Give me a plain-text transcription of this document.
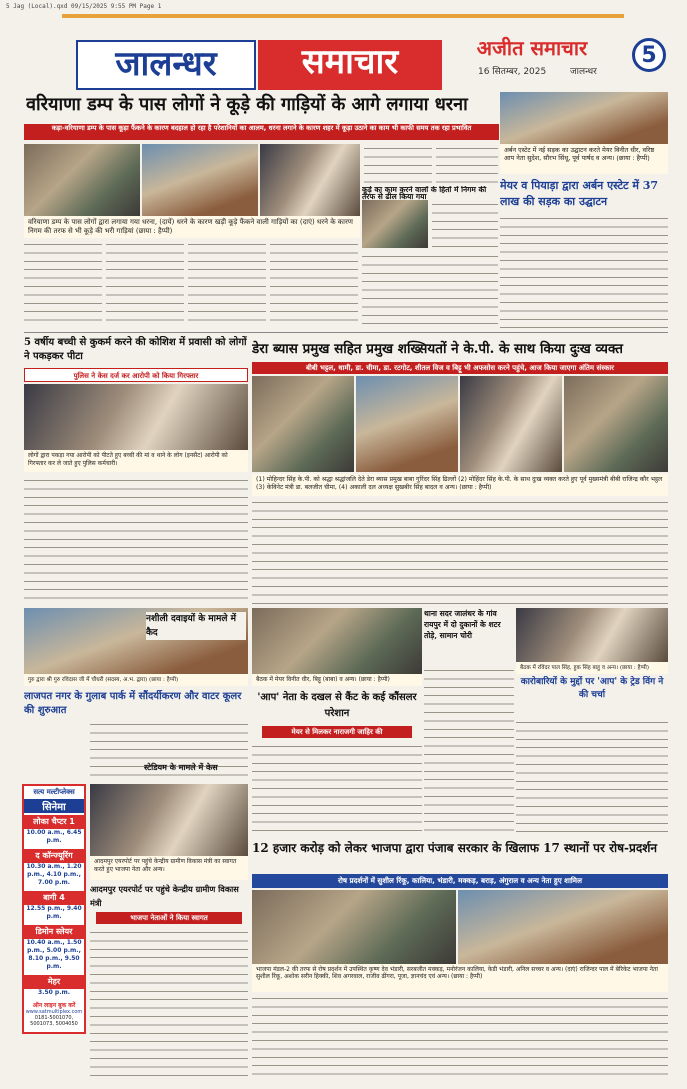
5 Jag (Local).qxd 09/15/2025 9:55 PM Page 1
जालन्धर	समाचार	अजीत समाचार	5
16 सितम्बर, 2025	जालन्धर
वरियाणा डम्प के पास लोगों ने कूड़े की गाड़ियों के आगे लगाया धरना
कड़ा-वरियाणा डम्प के पास कूड़ा फैंकने के कारण बदहाल हो रहा है परेशानियों का आलम, धरना लगाने के कारण शहर में कूड़ा उठाने का काम भी काफी समय तक रहा प्रभावित
वरियाणा डम्प के पास लोगों द्वारा लगाया गया धरना, (दायें) धरने के कारण खड़ी कूड़े फैंकने वाली गाड़ियों का (दाएं) धरने के कारण निगम की तरफ से भी कूड़े की भरी गाड़ियां (छाया : हैप्पी)
कूड़े का काम करने वालों के हितों में निगम की तरफ से ढील किया गया
अर्बन एस्टेट में नई सड़क का उद्घाटन करते मेयर विनीत धीर, वरिष्ठ आप नेता सुदेश, सौरभ सिंधू, पूर्व पार्षद व अन्य। (छाया : हैप्पी)
मेयर व पियाड़ा द्वारा अर्बन एस्टेट में 37 लाख की सड़क का उद्घाटन
5 वर्षीय बच्ची से कुकर्म करने की कोशिश में प्रवासी को लोगों ने पकड़कर पीटा
पुलिस ने केस दर्ज कर आरोपी को किया गिरफ्तार
लोगों द्वारा पकड़ा गया आरोपी को पीटते हुए बच्ची की मां व थाने के लोग (इनसैट) आरोपी को गिरफ्तार कर ले जाते हुए पुलिस कर्मचारी।
डेरा ब्यास प्रमुख सहित प्रमुख शख्सियतों ने के.पी. के साथ किया दुःख व्यक्त
बीबी भट्टल, धामी, डा. चीमा, डा. रटगोट, शीतल विज व बिट्टू भी अफसोस करने पहुंचे, आज किया जाएगा अंतिम संस्कार
(1) मोहिन्दर सिंह के.पी. को श्रद्धा श्रद्धांजलि देते डेरा ब्यास प्रमुख बाबा गुरिंदर सिंह ढिल्लों (2) मोहिंदर सिंह के.पी. के साथ दुःख व्यक्त करते हुए पूर्व मुख्यमंत्री बीबी राजिन्द्र कौर भट्ठल (3) केविनेट मंत्री डा. बलजीत चीमा, (4) अकाली दल अध्यक्ष सुखबीर सिंह बादल व अन्य। (छाया : हैप्पी)
गुरु द्वारा श्री गुरु रविदास जी में चौधरी (सदस्य, अ.भ. द्वारा) (छाया : हैप्पी)
नशीली दवाइयों के मामले में कैद
लाजपत नगर के गुलाब पार्क में सौंदर्यीकरण और वाटर कूलर की शुरुआत
स्टेडियम के मामले में केस
बैठक में मेयर विनीत धीर, बिट्टू (बाबा) व अन्य। (छाया : हैप्पी)
'आप' नेता के दखल से कैंट के कई कौंसलर परेशान
मेयर से मिलकर नाराजगी जाहिर की
थाना सदर जालंधर के गांव रायपुर में दो दुकानों के शटर तोड़े, सामान चोरी
बैठक में रविंदर पाल सिंह, हुक सिंह बाहु व अन्य। (छाया : हैप्पी)
कारोबारियों के मुद्दों पर 'आप' के ट्रेड विंग ने की चर्चा
सत्य मल्टीप्लेक्स
सिनेमा
लोका चैप्टर 1
10.00 a.m., 6.45 p.m.
द कॉन्ज्यूरिंग
10.30 a.m., 1.20 p.m., 4.10 p.m., 7.00 p.m.
बागी 4
12.55 p.m., 9.40 p.m.
डिमोन स्लेयर
10.40 a.m., 1.50 p.m., 5.00 p.m., 8.10 p.m., 9.50 p.m.
मेहर
3.50 p.m.
ऑन लाइन बुक करें
www.satmultiplex.com
0181-5001070, 5001073, 5004050
12 हजार करोड़ को लेकर भाजपा द्वारा पंजाब सरकार के खिलाफ 17 स्थानों पर रोष-प्रदर्शन
रोष प्रदर्शनों में सुशील रिंकू, कालिया, भंडारी, मक्कड़, बराड़, अंगुराल व अन्य नेता हुए शामिल
भाजपा मंडल-2 की तरफ से रोष प्रदर्शन में उपस्थित कृष्ण देव भंडारी, सरबजीत मक्कड़, मनोरंजन कालिया, केडी भंडारी, अनिल सच्चर व अन्य। (दाएं) राजिन्दर पाल में बेरिकेट भाजपा नेता सुशील रिंकू, अशोक सरीन हिक्की, शिव अगरवाल, राजीव ढींगरा, पूजा, ज्ञानचंद एवं अन्य। (छाया : हैप्पी)
आदमपुर एयरपोर्ट पर पहुंचे केन्द्रीय ग्रामीण विकास मंत्री का स्वागत करते हुए भाजपा नेता और अन्य।
आदमपुर एयरपोर्ट पर पहुंचे केन्द्रीय ग्रामीण विकास मंत्री
भाजपा नेताओं ने किया स्वागत
